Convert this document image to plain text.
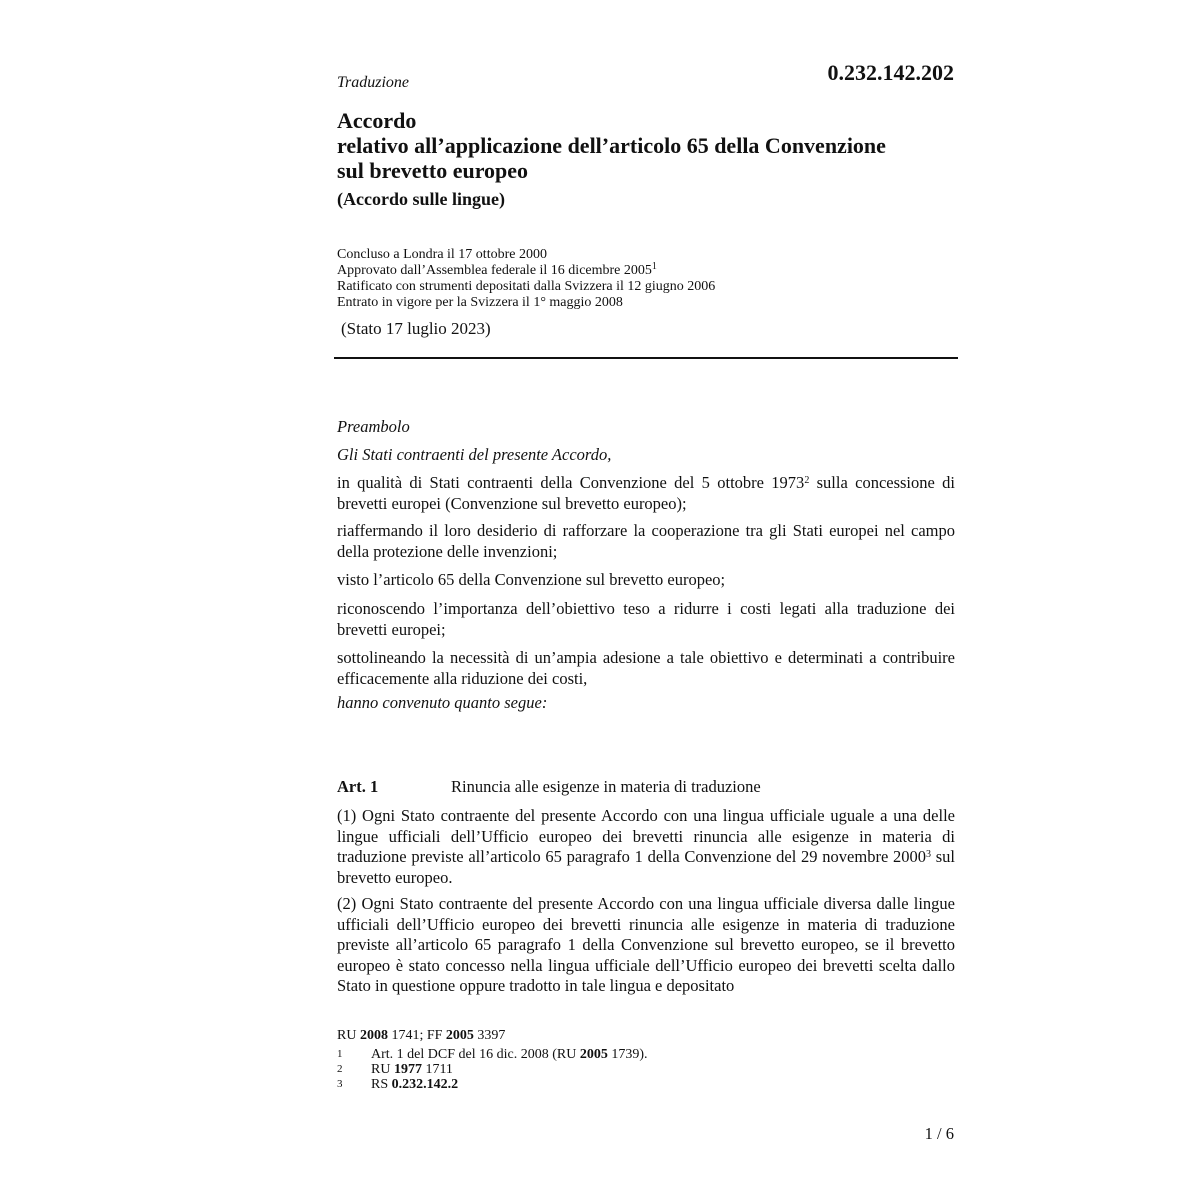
Traduzione	0.232.142.202

Accordo

relativo all’applicazione dell’articolo 65 della Convenzione

sul brevetto europeo

(Accordo sulle lingue)
Concluso a Londra il 17 ottobre 2000
Approvato dall’Assemblea federale il 16 dicembre 2005$^1$
Ratificato con strumenti depositati dalla Svizzera il 12 giugno 2006
Entrato in vigore per la Svizzera il 1° maggio 2008
(Stato 17 luglio 2023)
Preambolo
Gli Stati contraenti del presente Accordo,
in qualità di Stati contraenti della Convenzione del 5 ottobre 1973$^2$ sulla concessione di brevetti europei (Convenzione sul brevetto europeo);
riaffermando il loro desiderio di rafforzare la cooperazione tra gli Stati europei nel campo della protezione delle invenzioni;
visto l’articolo 65 della Convenzione sul brevetto europeo;
riconoscendo l’importanza dell’obiettivo teso a ridurre i costi legati alla traduzione dei brevetti europei;
sottolineando la necessità di un’ampia adesione a tale obiettivo e determinati a contribuire efficacemente alla riduzione dei costi,
hanno convenuto quanto segue:
Art. 1	Rinuncia alle esigenze in materia di traduzione
(1) Ogni Stato contraente del presente Accordo con una lingua ufficiale uguale a una delle lingue ufficiali dell’Ufficio europeo dei brevetti rinuncia alle esigenze in materia di traduzione previste all’articolo 65 paragrafo 1 della Convenzione del 29 novembre 2000$^3$ sul brevetto europeo.
(2) Ogni Stato contraente del presente Accordo con una lingua ufficiale diversa dalle lingue ufficiali dell’Ufficio europeo dei brevetti rinuncia alle esigenze in materia di traduzione previste all’articolo 65 paragrafo 1 della Convenzione sul brevetto europeo, se il brevetto europeo è stato concesso nella lingua ufficiale dell’Ufficio europeo dei brevetti scelta dallo Stato in questione oppure tradotto in tale lingua e depositato
RU 2008 1741; FF 2005 3397
1	Art. 1 del DCF del 16 dic. 2008 (RU 2005 1739).
2	RU 1977 1711
3	RS 0.232.142.2
1 / 6
